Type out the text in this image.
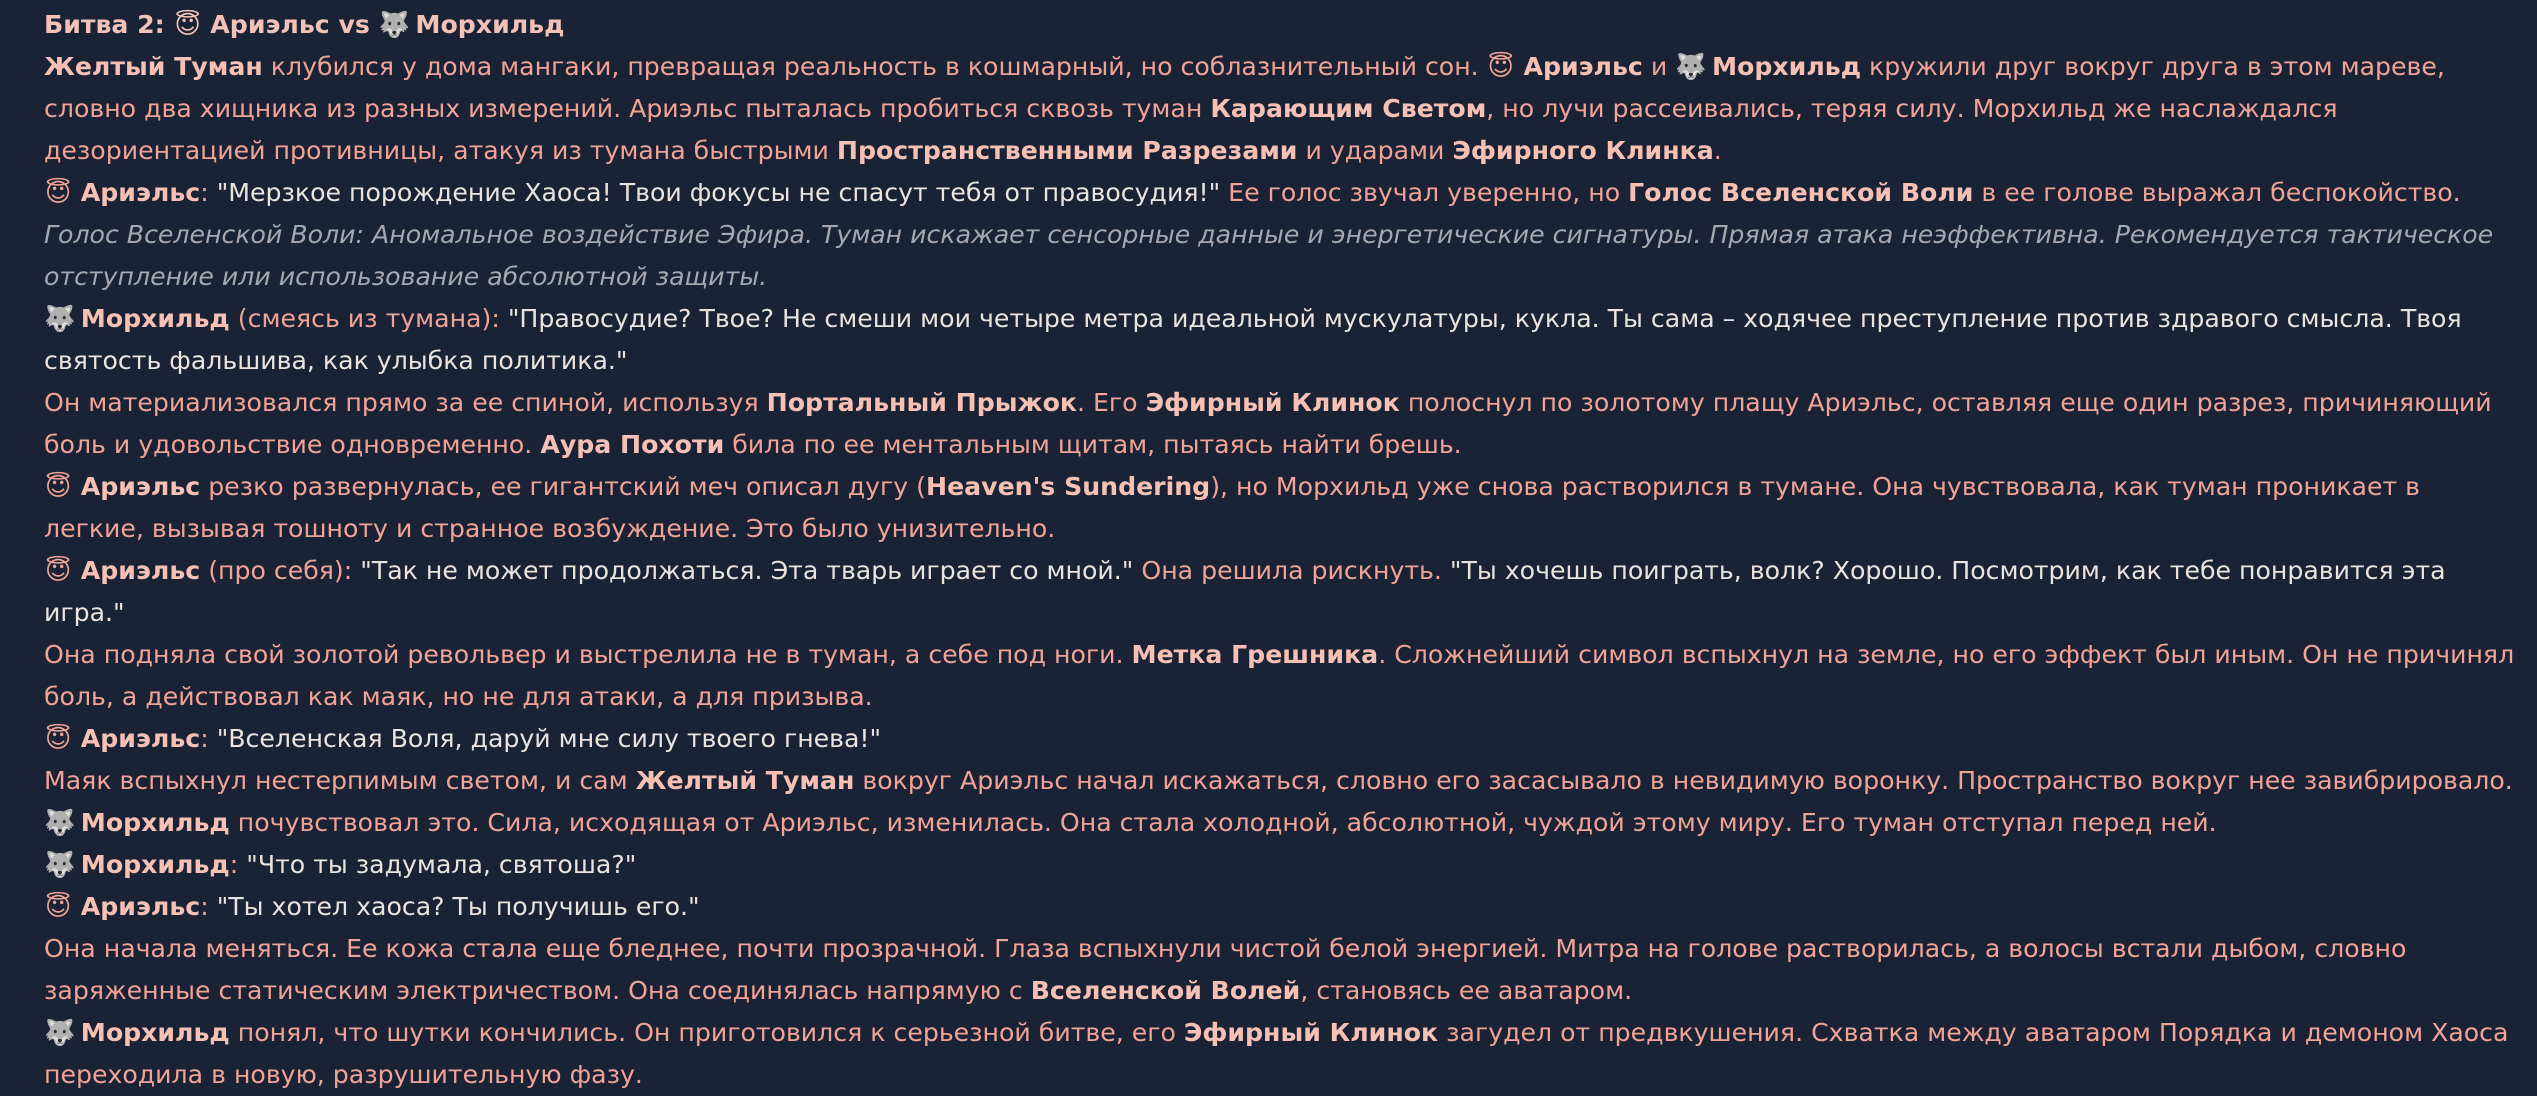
Битва 2: 😇 Ариэльс vs 🐺 Морхильд

Желтый Туман клубился у дома мангаки, превращая реальность в кошмарный, но соблазнительный сон. 😇 Ариэльс и 🐺 Морхильд кружили друг вокруг друга в этом мареве, словно два хищника из разных измерений. Ариэльс пыталась пробиться сквозь туман Карающим Светом, но лучи рассеивались, теряя силу. Морхильд же наслаждался дезориентацией противницы, атакуя из тумана быстрыми Пространственными Разрезами и ударами Эфирного Клинка.

😇 Ариэльс: "Мерзкое порождение Хаоса! Твои фокусы не спасут тебя от правосудия!" Ее голос звучал уверенно, но Голос Вселенской Воли в ее голове выражал беспокойство.

Голос Вселенской Воли: Аномальное воздействие Эфира. Туман искажает сенсорные данные и энергетические сигнатуры. Прямая атака неэффективна. Рекомендуется тактическое отступление или использование абсолютной защиты.

🐺 Морхильд (смеясь из тумана): "Правосудие? Твое? Не смеши мои четыре метра идеальной мускулатуры, кукла. Ты сама – ходячее преступление против здравого смысла. Твоя святость фальшива, как улыбка политика."

Он материализовался прямо за ее спиной, используя Портальный Прыжок. Его Эфирный Клинок полоснул по золотому плащу Ариэльс, оставляя еще один разрез, причиняющий боль и удовольствие одновременно. Аура Похоти била по ее ментальным щитам, пытаясь найти брешь.

😇 Ариэльс резко развернулась, ее гигантский меч описал дугу (Heaven's Sundering), но Морхильд уже снова растворился в тумане. Она чувствовала, как туман проникает в легкие, вызывая тошноту и странное возбуждение. Это было унизительно.

😇 Ариэльс (про себя): "Так не может продолжаться. Эта тварь играет со мной." Она решила рискнуть. "Ты хочешь поиграть, волк? Хорошо. Посмотрим, как тебе понравится эта игра."

Она подняла свой золотой револьвер и выстрелила не в туман, а себе под ноги. Метка Грешника. Сложнейший символ вспыхнул на земле, но его эффект был иным. Он не причинял боль, а действовал как маяк, но не для атаки, а для призыва.

😇 Ариэльс: "Вселенская Воля, даруй мне силу твоего гнева!"

Маяк вспыхнул нестерпимым светом, и сам Желтый Туман вокруг Ариэльс начал искажаться, словно его засасывало в невидимую воронку. Пространство вокруг нее завибрировало.

🐺 Морхильд почувствовал это. Сила, исходящая от Ариэльс, изменилась. Она стала холодной, абсолютной, чуждой этому миру. Его туман отступал перед ней.

🐺 Морхильд: "Что ты задумала, святоша?"

😇 Ариэльс: "Ты хотел хаоса? Ты получишь его."

Она начала меняться. Ее кожа стала еще бледнее, почти прозрачной. Глаза вспыхнули чистой белой энергией. Митра на голове растворилась, а волосы встали дыбом, словно заряженные статическим электричеством. Она соединялась напрямую с Вселенской Волей, становясь ее аватаром.

🐺 Морхильд понял, что шутки кончились. Он приготовился к серьезной битве, его Эфирный Клинок загудел от предвкушения. Схватка между аватаром Порядка и демоном Хаоса переходила в новую, разрушительную фазу.
